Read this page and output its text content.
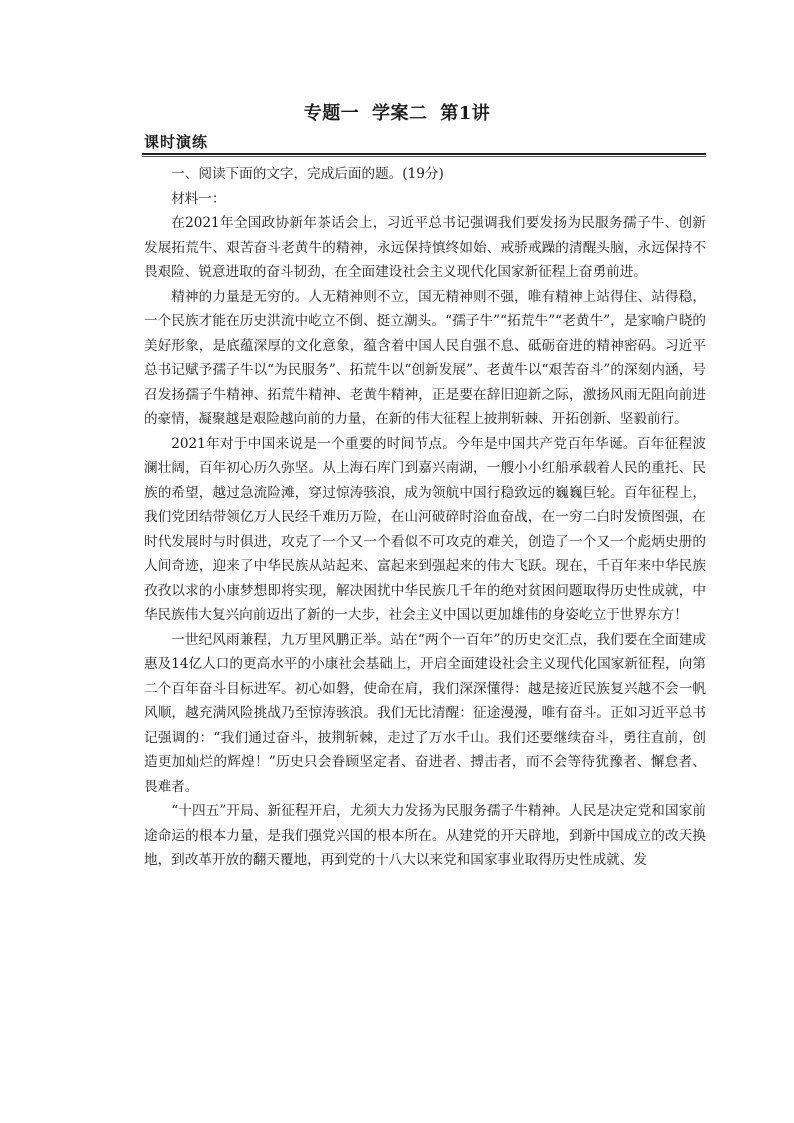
专题一 学案二 第1讲
课时演练

一、阅读下面的文字，完成后面的题。(19分)

材料一：

在2021年全国政协新年茶话会上，习近平总书记强调我们要发扬为民服务孺子牛、创新发展拓荒牛、艰苦奋斗老黄牛的精神，永远保持慎终如始、戒骄戒躁的清醒头脑，永远保持不畏艰险、锐意进取的奋斗韧劲，在全面建设社会主义现代化国家新征程上奋勇前进。

精神的力量是无穷的。人无精神则不立，国无精神则不强，唯有精神上站得住、站得稳，一个民族才能在历史洪流中屹立不倒、挺立潮头。“孺子牛”“拓荒牛”“老黄牛”，是家喻户晓的美好形象，是底蕴深厚的文化意象，蕴含着中国人民自强不息、砥砺奋进的精神密码。习近平总书记赋予孺子牛以“为民服务”、拓荒牛以“创新发展”、老黄牛以“艰苦奋斗”的深刻内涵，号召发扬孺子牛精神、拓荒牛精神、老黄牛精神，正是要在辞旧迎新之际，激扬风雨无阻向前进的豪情，凝聚越是艰险越向前的力量，在新的伟大征程上披荆斩棘、开拓创新、坚毅前行。

2021年对于中国来说是一个重要的时间节点。今年是中国共产党百年华诞。百年征程波澜壮阔，百年初心历久弥坚。从上海石库门到嘉兴南湖，一艘小小红船承载着人民的重托、民族的希望，越过急流险滩，穿过惊涛骇浪，成为领航中国行稳致远的巍巍巨轮。百年征程上，我们党团结带领亿万人民经千难历万险，在山河破碎时浴血奋战，在一穷二白时发愤图强，在时代发展时与时俱进，攻克了一个又一个看似不可攻克的难关，创造了一个又一个彪炳史册的人间奇迹，迎来了中华民族从站起来、富起来到强起来的伟大飞跃。现在，千百年来中华民族孜孜以求的小康梦想即将实现，解决困扰中华民族几千年的绝对贫困问题取得历史性成就，中华民族伟大复兴向前迈出了新的一大步，社会主义中国以更加雄伟的身姿屹立于世界东方！

一世纪风雨兼程，九万里风鹏正举。站在“两个一百年”的历史交汇点，我们要在全面建成惠及14亿人口的更高水平的小康社会基础上，开启全面建设社会主义现代化国家新征程，向第二个百年奋斗目标进军。初心如磐，使命在肩，我们深深懂得：越是接近民族复兴越不会一帆风顺，越充满风险挑战乃至惊涛骇浪。我们无比清醒：征途漫漫，唯有奋斗。正如习近平总书记强调的：“我们通过奋斗，披荆斩棘，走过了万水千山。我们还要继续奋斗，勇往直前，创造更加灿烂的辉煌！”历史只会眷顾坚定者、奋进者、搏击者，而不会等待犹豫者、懈怠者、畏难者。

“十四五”开局、新征程开启，尤须大力发扬为民服务孺子牛精神。人民是决定党和国家前途命运的根本力量，是我们强党兴国的根本所在。从建党的开天辟地，到新中国成立的改天换地，到改革开放的翻天覆地，再到党的十八大以来党和国家事业取得历史性成就、发
